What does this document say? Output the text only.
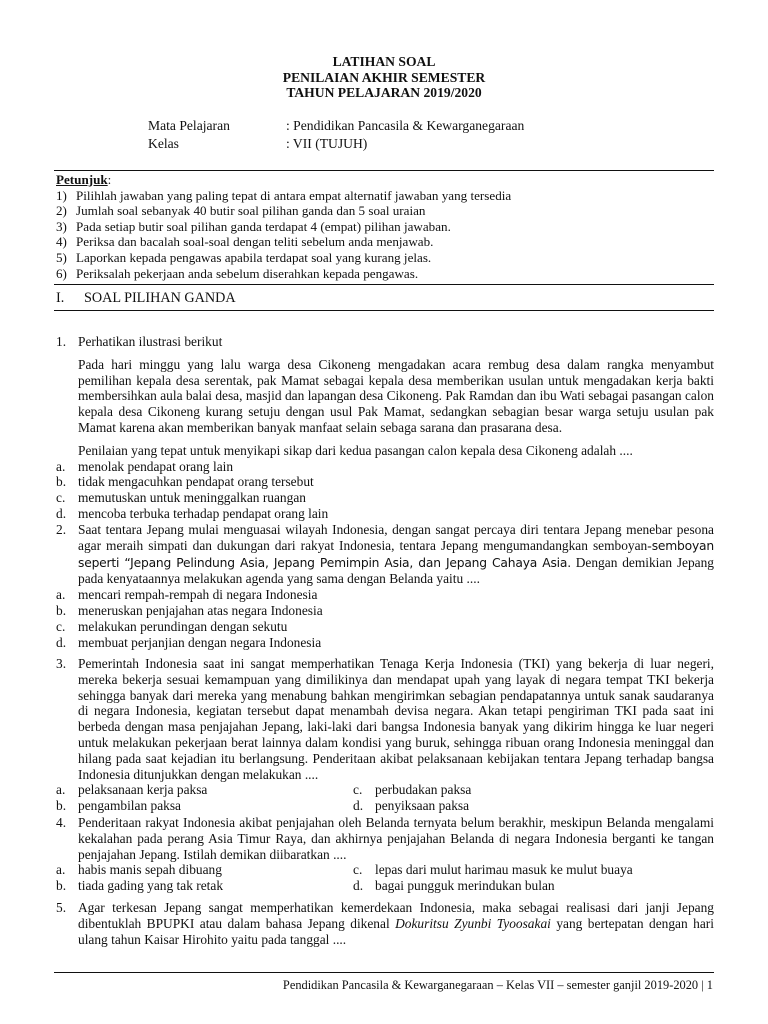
LATIHAN SOAL
PENILAIAN AKHIR SEMESTER
TAHUN PELAJARAN 2019/2020
Mata Pelajaran	: Pendidikan Pancasila & Kewarganegaraan
Kelas	: VII (TUJUH)
Petunjuk:
1) Pilihlah jawaban yang paling tepat di antara empat alternatif jawaban yang tersedia
2) Jumlah soal sebanyak 40 butir soal pilihan ganda dan 5 soal uraian
3) Pada setiap butir soal pilihan ganda terdapat 4 (empat) pilihan jawaban.
4) Periksa dan bacalah soal-soal dengan teliti sebelum anda menjawab.
5) Laporkan kepada pengawas apabila terdapat soal yang kurang jelas.
6) Periksalah pekerjaan anda sebelum diserahkan kepada pengawas.
I.	SOAL PILIHAN GANDA
1. Perhatikan ilustrasi berikut

Pada hari minggu yang lalu warga desa Cikoneng mengadakan acara rembug desa dalam rangka menyambut pemilihan kepala desa serentak, pak Mamat sebagai kepala desa memberikan usulan untuk mengadakan kerja bakti membersihkan aula balai desa, masjid dan lapangan desa Cikoneng. Pak Ramdan dan ibu Wati sebagai pasangan calon kepala desa Cikoneng kurang setuju dengan usul Pak Mamat, sedangkan sebagian besar warga setuju usulan pak Mamat karena akan memberikan banyak manfaat selain sebaga sarana dan prasarana desa.

Penilaian yang tepat untuk menyikapi sikap dari kedua pasangan calon kepala desa Cikoneng adalah ....

a. menolak pendapat orang lain
b. tidak mengacuhkan pendapat orang tersebut
c. memutuskan untuk meninggalkan ruangan
d. mencoba terbuka terhadap pendapat orang lain
2. Saat tentara Jepang mulai menguasai wilayah Indonesia, dengan sangat percaya diri tentara Jepang menebar pesona agar meraih simpati dan dukungan dari rakyat Indonesia, tentara Jepang mengumandangkan semboyan-semboyan seperti “Jepang Pelindung Asia, Jepang Pemimpin Asia, dan Jepang Cahaya Asia. Dengan demikian Jepang pada kenyataannya melakukan agenda yang sama dengan Belanda yaitu ....
a. mencari rempah-rempah di negara Indonesia
b. meneruskan penjajahan atas negara Indonesia
c. melakukan perundingan dengan sekutu
d. membuat perjanjian dengan negara Indonesia
3. Pemerintah Indonesia saat ini sangat memperhatikan Tenaga Kerja Indonesia (TKI) yang bekerja di luar negeri, mereka bekerja sesuai kemampuan yang dimilikinya dan mendapat upah yang layak di negara tempat TKI bekerja sehingga banyak dari mereka yang menabung bahkan mengirimkan sebagian pendapatannya untuk sanak saudaranya di negara Indonesia, kegiatan tersebut dapat menambah devisa negara. Akan tetapi pengiriman TKI pada saat ini berbeda dengan masa penjajahan Jepang, laki-laki dari bangsa Indonesia banyak yang dikirim hingga ke luar negeri untuk melakukan pekerjaan berat lainnya dalam kondisi yang buruk, sehingga ribuan orang Indonesia meninggal dan hilang pada saat kejadian itu berlangsung. Penderitaan akibat pelaksanaan kebijakan tentara Jepang terhadap bangsa Indonesia ditunjukkan dengan melakukan ....
a. pelaksanaan kerja paksa	c. perbudakan paksa
b. pengambilan paksa	d. penyiksaan paksa
4. Penderitaan rakyat Indonesia akibat penjajahan oleh Belanda ternyata belum berakhir, meskipun Belanda mengalami kekalahan pada perang Asia Timur Raya, dan akhirnya penjajahan Belanda di negara Indonesia berganti ke tangan penjajahan Jepang. Istilah demikan diibaratkan ....
a. habis manis sepah dibuang	c. lepas dari mulut harimau masuk ke mulut buaya
b. tiada gading yang tak retak	d. bagai pungguk merindukan bulan
5. Agar terkesan Jepang sangat memperhatikan kemerdekaan Indonesia, maka sebagai realisasi dari janji Jepang dibentuklah BPUPKI atau dalam bahasa Jepang dikenal Dokuritsu Zyunbi Tyoosakai yang bertepatan dengan hari ulang tahun Kaisar Hirohito yaitu pada tanggal ....
Pendidikan Pancasila & Kewarganegaraan – Kelas VII – semester ganjil 2019-2020 | 1
